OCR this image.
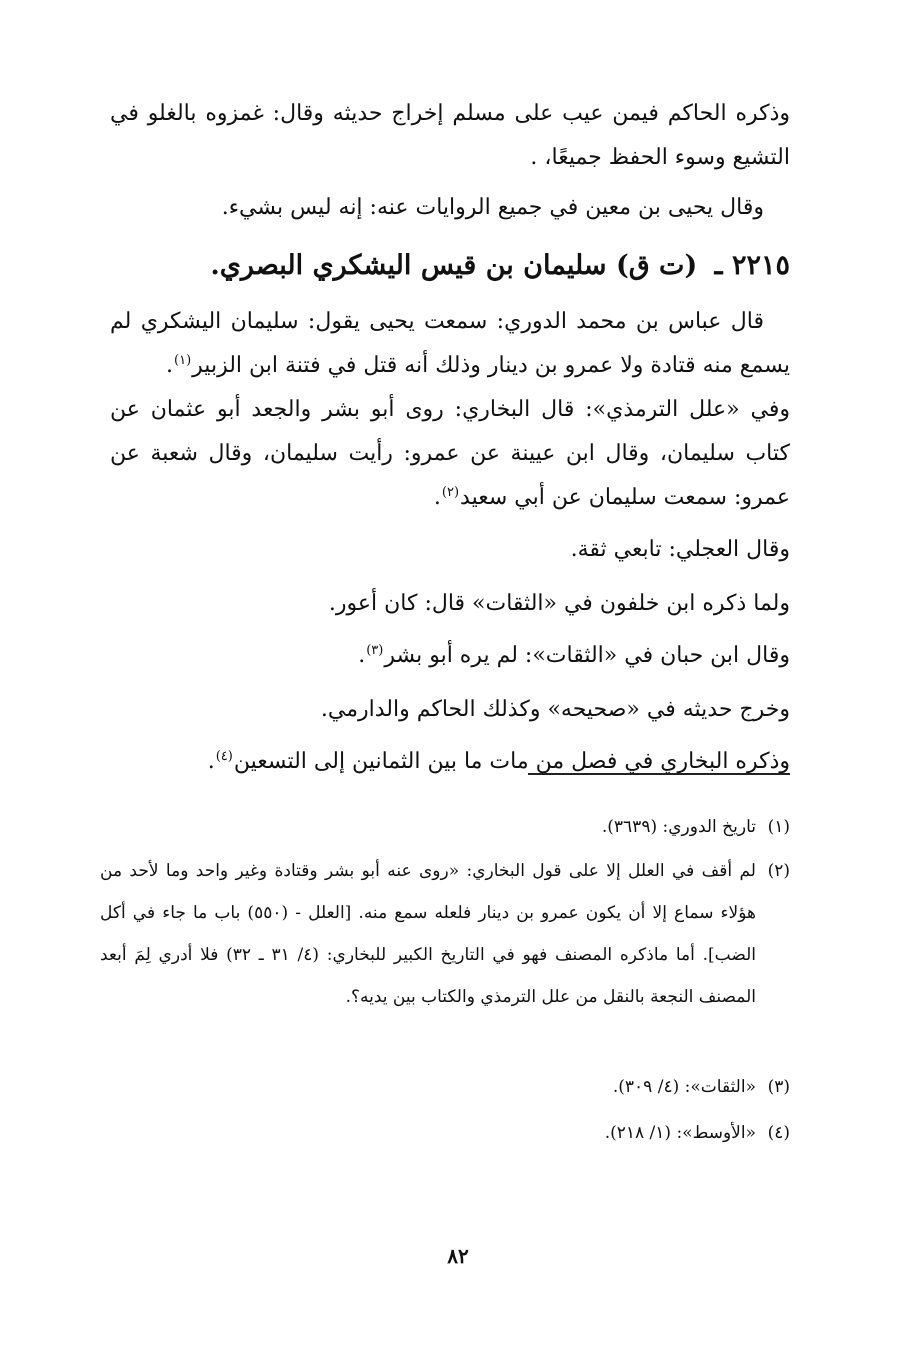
وذكره الحاكم فيمن عيب على مسلم إخراج حديثه وقال: غمزوه بالغلو في التشيع وسوء الحفظ جميعًا، .

وقال يحيى بن معين في جميع الروايات عنه: إنه ليس بشيء.

٢٢١٥ ـ (ت ق) سليمان بن قيس اليشكري البصري.

قال عباس بن محمد الدوري: سمعت يحيى يقول: سليمان اليشكري لم يسمع منه قتادة ولا عمرو بن دينار وذلك أنه قتل في فتنة ابن الزبير$^{(١)}$.

وفي «علل الترمذي»: قال البخاري: روى أبو بشر والجعد أبو عثمان عن كتاب سليمان، وقال ابن عيينة عن عمرو: رأيت سليمان، وقال شعبة عن عمرو: سمعت سليمان عن أبي سعيد$^{(٢)}$.

وقال العجلي: تابعي ثقة.

ولما ذكره ابن خلفون في «الثقات» قال: كان أعور.

وقال ابن حبان في «الثقات»: لم يره أبو بشر$^{(٣)}$.

وخرج حديثه في «صحيحه» وكذلك الحاكم والدارمي.

وذكره البخاري في فصل من مات ما بين الثمانين إلى التسعين$^{(٤)}$.

(١)تاريخ الدوري: (٣٦٣٩).

(٢)
لم أقف في العلل إلا على قول البخاري: «روى عنه أبو بشر وقتادة وغير واحد وما لأحد من هؤلاء سماع إلا أن يكون عمرو بن دينار فلعله سمع منه. [العلل - (٥٥٠) باب ما جاء في أكل الضب]. أما ماذكره المصنف فهو في التاريخ الكبير للبخاري: (٤/ ٣١ ـ ٣٢) فلا أدري لِمَ أبعد المصنف النجعة بالنقل من علل الترمذي والكتاب بين يديه؟.

(٣)«الثقات»: (٤/ ٣٠٩).

(٤)«الأوسط»: (١/ ٢١٨).

٨٢
